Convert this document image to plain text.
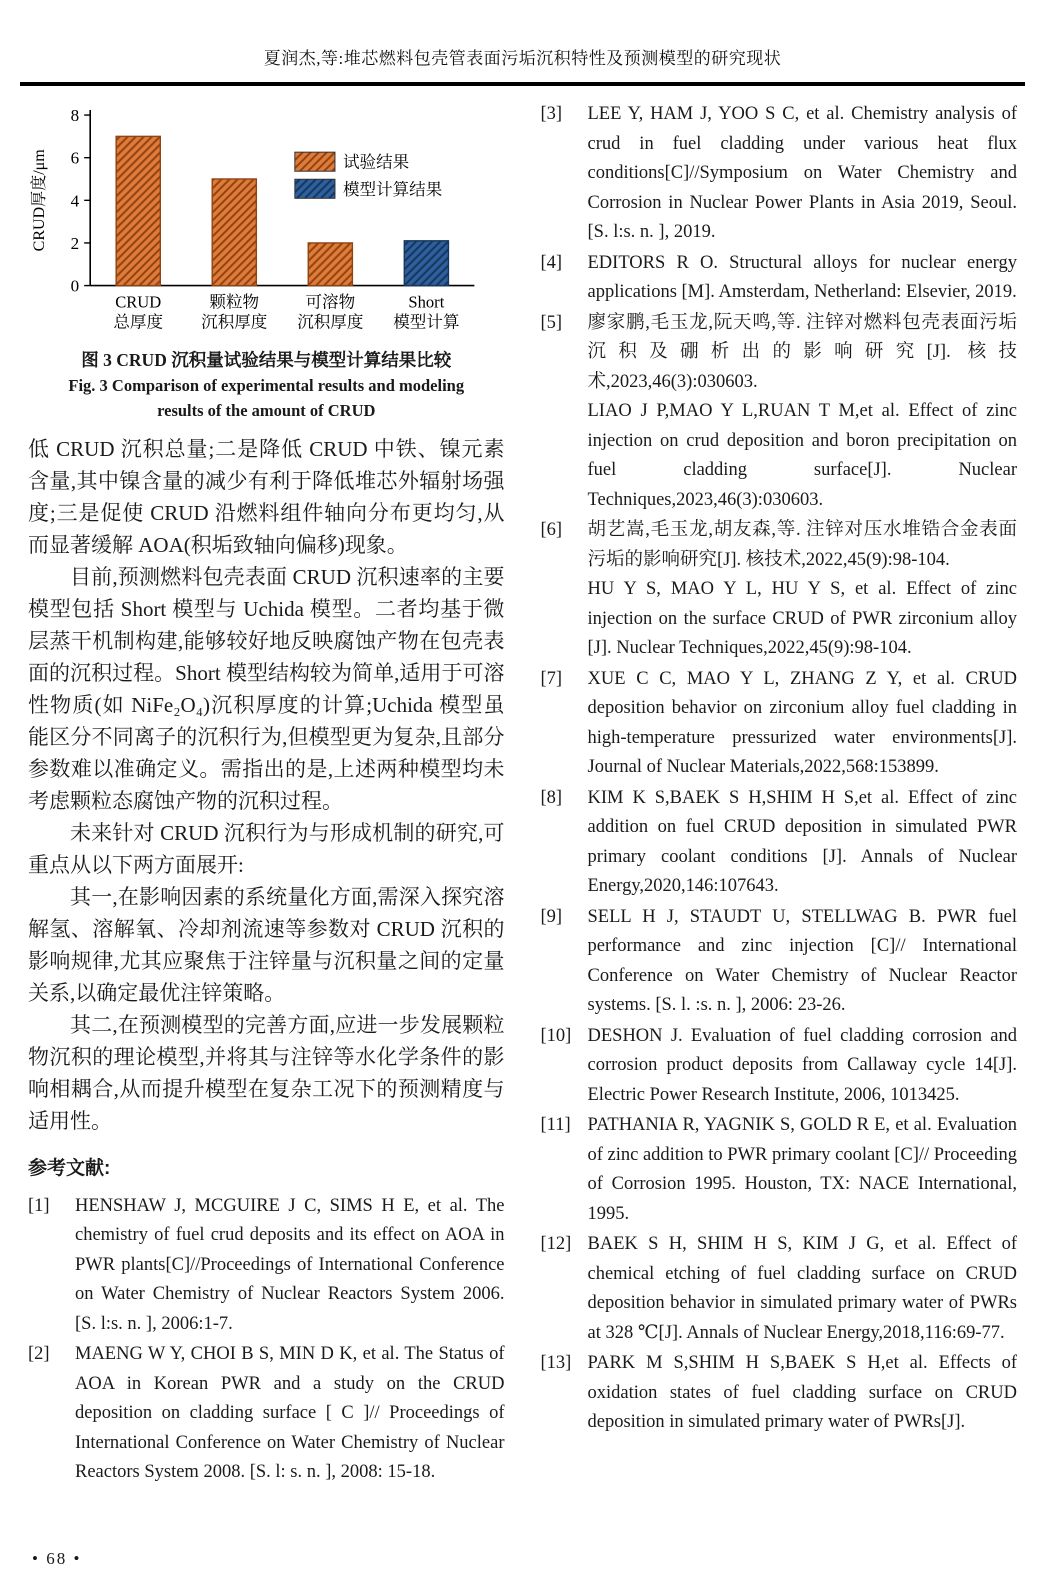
夏润杰,等:堆芯燃料包壳管表面污垢沉积特性及预测模型的研究现状
0
2
4
6
8
CRUD厚度/μm
CRUD
总厚度
颗粒物
沉积厚度
可溶物
沉积厚度
Short
模型计算
试验结果
模型计算结果
图 3 CRUD 沉积量试验结果与模型计算结果比较
Fig. 3 Comparison of experimental results and modeling
results of the amount of CRUD
低 CRUD 沉积总量;二是降低 CRUD 中铁、镍元素含量,其中镍含量的减少有利于降低堆芯外辐射场强度;三是促使 CRUD 沿燃料组件轴向分布更均匀,从而显著缓解 AOA(积垢致轴向偏移)现象。
目前,预测燃料包壳表面 CRUD 沉积速率的主要模型包括 Short 模型与 Uchida 模型。二者均基于微层蒸干机制构建,能够较好地反映腐蚀产物在包壳表面的沉积过程。Short 模型结构较为简单,适用于可溶性物质(如 NiFe₂O₄)沉积厚度的计算;Uchida 模型虽能区分不同离子的沉积行为,但模型更为复杂,且部分参数难以准确定义。需指出的是,上述两种模型均未考虑颗粒态腐蚀产物的沉积过程。
未来针对 CRUD 沉积行为与形成机制的研究,可重点从以下两方面展开:
其一,在影响因素的系统量化方面,需深入探究溶解氢、溶解氧、冷却剂流速等参数对 CRUD 沉积的影响规律,尤其应聚焦于注锌量与沉积量之间的定量关系,以确定最优注锌策略。
其二,在预测模型的完善方面,应进一步发展颗粒物沉积的理论模型,并将其与注锌等水化学条件的影响相耦合,从而提升模型在复杂工况下的预测精度与适用性。
参考文献:
[1]	HENSHAW J, MCGUIRE J C, SIMS H E, et al. The chemistry of fuel crud deposits and its effect on AOA in PWR plants[C]//Proceedings of International Conference on Water Chemistry of Nuclear Reactors System 2006. [S. l:s. n. ], 2006:1-7.
[2]	MAENG W Y, CHOI B S, MIN D K, et al. The Status of AOA in Korean PWR and a study on the CRUD deposition on cladding surface [ C ]// Proceedings of International Conference on Water Chemistry of Nuclear Reactors System 2008. [S. l: s. n. ], 2008: 15-18.
[3]	LEE Y, HAM J, YOO S C, et al. Chemistry analysis of crud in fuel cladding under various heat flux conditions[C]//Symposium on Water Chemistry and Corrosion in Nuclear Power Plants in Asia 2019, Seoul. [S. l:s. n. ], 2019.
[4]	EDITORS R O. Structural alloys for nuclear energy applications [M]. Amsterdam, Netherland: Elsevier, 2019.
[5]	廖家鹏,毛玉龙,阮天鸣,等. 注锌对燃料包壳表面污垢沉积及硼析出的影响研究[J]. 核技术,2023,46(3):030603.
LIAO J P,MAO Y L,RUAN T M,et al. Effect of zinc injection on crud deposition and boron precipitation on fuel cladding surface[J]. Nuclear Techniques,2023,46(3):030603.
[6]	胡艺嵩,毛玉龙,胡友森,等. 注锌对压水堆锆合金表面污垢的影响研究[J]. 核技术,2022,45(9):98-104.
HU Y S, MAO Y L, HU Y S, et al. Effect of zinc injection on the surface CRUD of PWR zirconium alloy [J]. Nuclear Techniques,2022,45(9):98-104.
[7]	XUE C C, MAO Y L, ZHANG Z Y, et al. CRUD deposition behavior on zirconium alloy fuel cladding in high-temperature pressurized water environments[J]. Journal of Nuclear Materials,2022,568:153899.
[8]	KIM K S,BAEK S H,SHIM H S,et al. Effect of zinc addition on fuel CRUD deposition in simulated PWR primary coolant conditions [J]. Annals of Nuclear Energy,2020,146:107643.
[9]	SELL H J, STAUDT U, STELLWAG B. PWR fuel performance and zinc injection [C]// International Conference on Water Chemistry of Nuclear Reactor systems. [S. l. :s. n. ], 2006: 23-26.
[10] DESHON J. Evaluation of fuel cladding corrosion and corrosion product deposits from Callaway cycle 14[J]. Electric Power Research Institute, 2006, 1013425.
[11] PATHANIA R, YAGNIK S, GOLD R E, et al. Evaluation of zinc addition to PWR primary coolant [C]// Proceeding of Corrosion 1995. Houston, TX: NACE International, 1995.
[12] BAEK S H, SHIM H S, KIM J G, et al. Effect of chemical etching of fuel cladding surface on CRUD deposition behavior in simulated primary water of PWRs at 328 ℃[J]. Annals of Nuclear Energy,2018,116:69-77.
[13] PARK M S,SHIM H S,BAEK S H,et al. Effects of oxidation states of fuel cladding surface on CRUD deposition in simulated primary water of PWRs[J].
• 68 •
